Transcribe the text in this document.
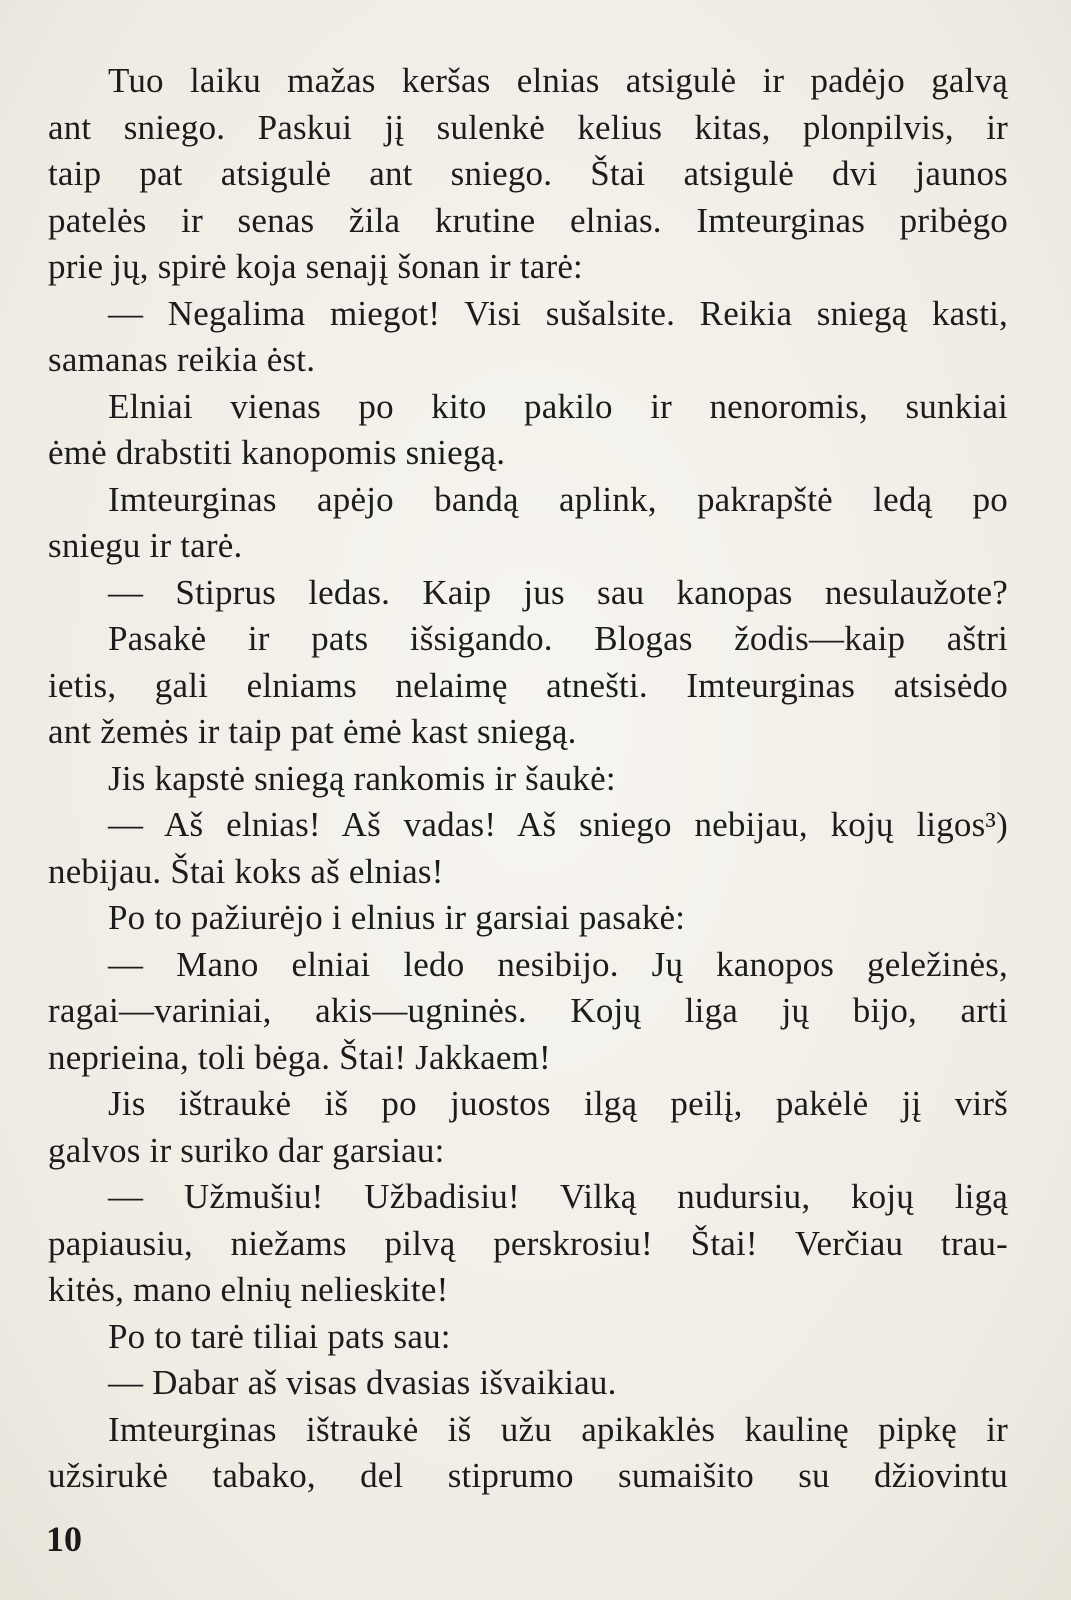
Tuo laiku mažas keršas elnias atsigulė ir padėjo galvą
ant sniego. Paskui jį sulenkė kelius kitas, plonpilvis, ir
taip pat atsigulė ant sniego. Štai atsigulė dvi jaunos
patelės ir senas žila krutine elnias. Imteurginas pribėgo
prie jų, spirė koja senajį šonan ir tarė:
— Negalima miegot! Visi sušalsite. Reikia sniegą kasti,
samanas reikia ėst.
Elniai vienas po kito pakilo ir nenoromis, sunkiai
ėmė drabstiti kanopomis sniegą.
Imteurginas apėjo bandą aplink, pakrapštė ledą po
sniegu ir tarė.
— Stiprus ledas. Kaip jus sau kanopas nesulaužote?
Pasakė ir pats išsigando. Blogas žodis—kaip aštri
ietis, gali elniams nelaimę atnešti. Imteurginas atsisėdo
ant žemės ir taip pat ėmė kast sniegą.
Jis kapstė sniegą rankomis ir šaukė:
— Aš elnias! Aš vadas! Aš sniego nebijau, kojų ligos³)
nebijau. Štai koks aš elnias!
Po to pažiurėjo i elnius ir garsiai pasakė:
— Mano elniai ledo nesibijo. Jų kanopos geležinės,
ragai—variniai, akis—ugninės. Kojų liga jų bijo, arti
neprieina, toli bėga. Štai! Jakkaem!
Jis ištraukė iš po juostos ilgą peilį, pakėlė jį virš
galvos ir suriko dar garsiau:
— Užmušiu! Užbadisiu! Vilką nudursiu, kojų ligą
papiausiu, niežams pilvą perskrosiu! Štai! Verčiau trau-
kitės, mano elnių nelieskite!
Po to tarė tiliai pats sau:
— Dabar aš visas dvasias išvaikiau.
Imteurginas ištraukė iš užu apikaklės kaulinę pipkę ir
užsirukė tabako, del stiprumo sumaišito su džiovintu
10
